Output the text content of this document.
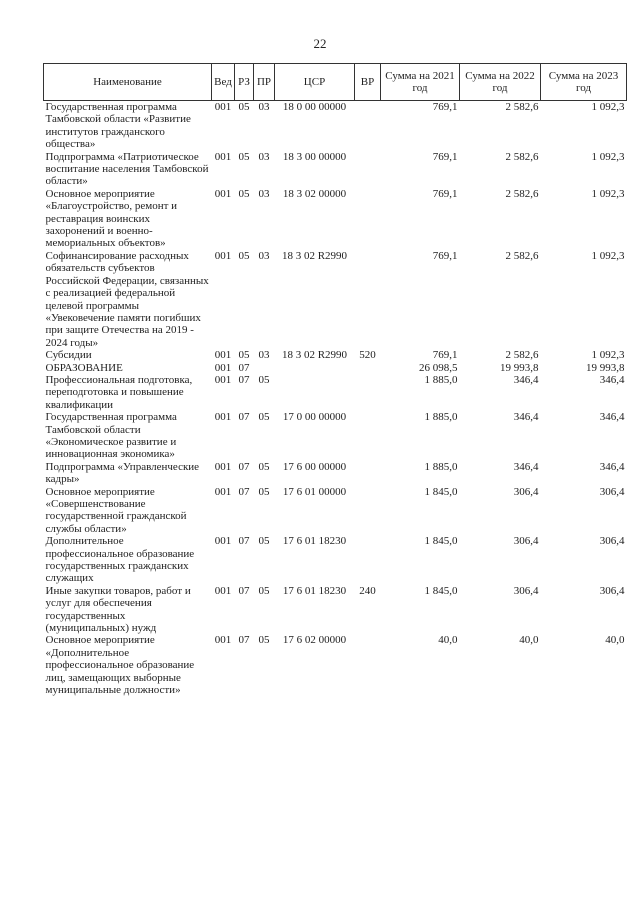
22
Наименование	Вед	РЗ	ПР	ЦСР	ВР	Сумма на 2021 год	Сумма на 2022 год	Сумма на 2023 год
Государственная программа Тамбовской области «Развитие институтов гражданского общества»	001	05	03	18 0 00 00000		769,1	2 582,6	1 092,3
Подпрограмма «Патриотическое воспитание населения Тамбовской области»	001	05	03	18 3 00 00000		769,1	2 582,6	1 092,3
Основное мероприятие «Благоустройство, ремонт и реставрация воинских захоронений и военно-мемориальных объектов»	001	05	03	18 3 02 00000		769,1	2 582,6	1 092,3
Софинансирование расходных обязательств субъектов Российской Федерации, связанных с реализацией федеральной целевой программы «Увековечение памяти погибших при защите Отечества на 2019 - 2024 годы»	001	05	03	18 3 02 R2990		769,1	2 582,6	1 092,3
Субсидии	001	05	03	18 3 02 R2990	520	769,1	2 582,6	1 092,3
ОБРАЗОВАНИЕ	001	07				26 098,5	19 993,8	19 993,8
Профессиональная подготовка, переподготовка и повышение квалификации	001	07	05			1 885,0	346,4	346,4
Государственная программа Тамбовской области «Экономическое развитие и инновационная экономика»	001	07	05	17 0 00 00000		1 885,0	346,4	346,4
Подпрограмма «Управленческие кадры»	001	07	05	17 6 00 00000		1 885,0	346,4	346,4
Основное мероприятие «Совершенствование государственной гражданской службы области»	001	07	05	17 6 01 00000		1 845,0	306,4	306,4
Дополнительное профессиональное образование государственных гражданских служащих	001	07	05	17 6 01 18230		1 845,0	306,4	306,4
Иные закупки товаров, работ и услуг для обеспечения государственных (муниципальных) нужд	001	07	05	17 6 01 18230	240	1 845,0	306,4	306,4
Основное мероприятие «Дополнительное профессиональное образование лиц, замещающих выборные муниципальные должности»	001	07	05	17 6 02 00000		40,0	40,0	40,0
